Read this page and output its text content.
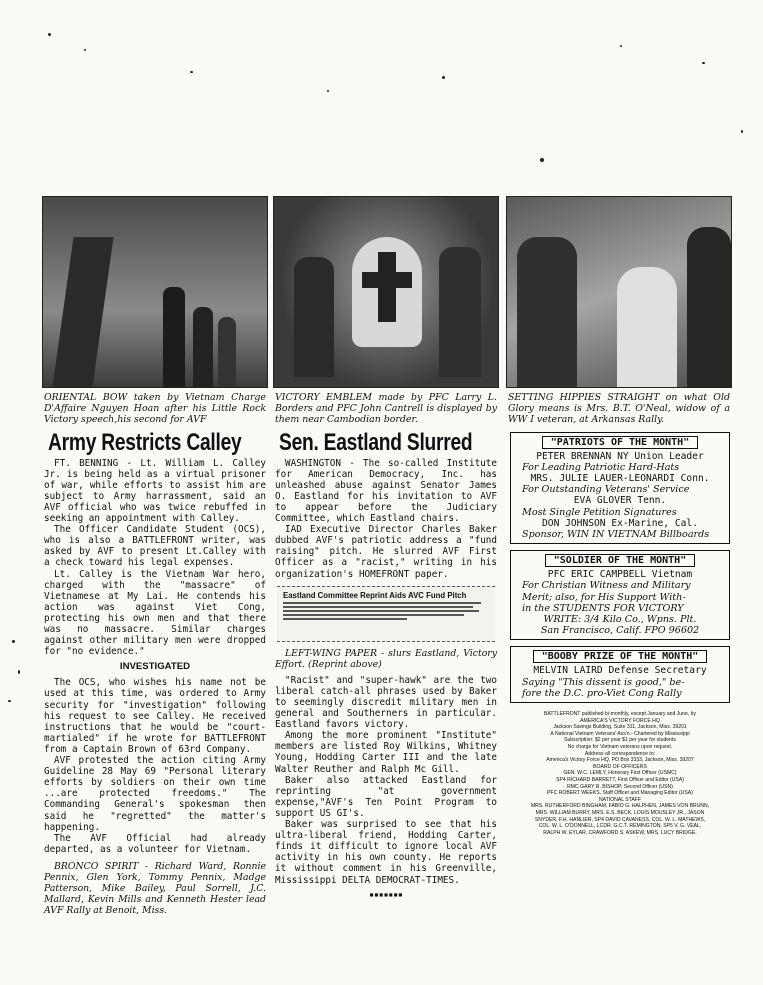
ORIENTAL BOW taken by Vietnam Charge D'Affaire Nguyen Hoan after his Little Rock Victory speech,his second for AVF
Army Restricts Calley

FT. BENNING - Lt. William L. Calley Jr. is being held as a virtual prisoner of war, while efforts to assist him are subject to Army harrassment, said an AVF official who was twice rebuffed in seeking an appointment with Calley.

The Officer Candidate Student (OCS), who is also a BATTLEFRONT writer, was asked by AVF to present Lt.Calley with a check toward his legal expenses.

Lt. Calley is the Vietnam War hero, charged with the "massacre" of Vietnamese at My Lai. He contends his action was against Viet Cong, protecting his own men and that there was no massacre. Similar charges against other military men were dropped for "no evidence."

INVESTIGATED

The OCS, who wishes his name not be used at this time, was ordered to Army security for "investigation" following his request to see Calley. He received instructions that he would be "court-martialed" if he wrote for BATTLEFRONT from a Captain Brown of 63rd Company.

AVF protested the action citing Army Guideline 28 May 69 "Personal literary efforts by soldiers on their own time ...are protected freedoms." The Commanding General's spokesman then said he "regretted" the matter's happening.

The AVF Official had already departed, as a volunteer for Vietnam.

BRONCO SPIRIT - Richard Ward, Ronnie Pennix, Glen York, Tommy Pennix, Madge Patterson, Mike Bailey, Paul Sorrell, J.C. Mallard, Kevin Mills and Kenneth Hester lead AVF Rally at Benoit, Miss.

VICTORY EMBLEM made by PFC Larry L. Borders and PFC John Cantrell is displayed by them near Cambodian border.
Sen. Eastland Slurred

WASHINGTON - The so-called Institute for American Democracy, Inc. has unleashed abuse against Senator James O. Eastland for his invitation to AVF to appear before the Judiciary Committee, which Eastland chairs.

IAD Executive Director Charles Baker dubbed AVF's patriotic address a "fund raising" pitch. He slurred AVF First Officer as a "racist," writing in his organization's HOMEFRONT paper.

Eastland Committee Reprint Aids AVC Fund Pitch

LEFT-WING PAPER - slurs Eastland, Victory Effort. (Reprint above)

"Racist" and "super-hawk" are the two liberal catch-all phrases used by Baker to seemingly discredit military men in general and Southerners in particular. Eastland favors victory.

Among the more prominent "Institute" members are listed Roy Wilkins, Whitney Young, Hodding Carter III and the late Walter Reuther and Ralph Mc Gill.

Baker also attacked Eastland for reprinting "at government expense,"AVF's Ten Point Program to support US GI's.

Baker was surprised to see that his ultra-liberal friend, Hodding Carter, finds it difficult to ignore local AVF activity in his own county. He reports it without comment in his Greenville, Mississippi DELTA DEMOCRAT-TIMES.

▪▪▪▪▪▪▪
SETTING HIPPIES STRAIGHT on what Old Glory means is Mrs. B.T. O'Neal, widow of a WW I veteran, at Arkansas Rally.
"PATRIOTS OF THE MONTH"
PETER BRENNAN NY Union Leader
For Leading Patriotic Hard-Hats
MRS. JULIE LAUER-LEONARDI Conn.
For Outstanding Veterans' Service
EVA GLOVER Tenn.
Most Single Petition Signatures
DON JOHNSON Ex-Marine, Cal.
Sponsor, WIN IN VIETNAM Billboards
"SOLDIER OF THE MONTH"
PFC ERIC CAMPBELL Vietnam
For Christian Witness and Military
Merit; also, for His Support With-
in the STUDENTS FOR VICTORY
WRITE: 3/4 Kilo Co., Wpns. Plt.
San Francisco, Calif. FPO 96602
"BOOBY PRIZE OF THE MONTH"
MELVIN LAIRD Defense Secretary
Saying "This dissent is good," be-
fore the D.C. pro-Viet Cong Rally
BATTLEFRONT published bi-monthly, except January and June, by
AMERICA'S VICTORY FORCE HQ
Jackson Savings Building, Suite 311, Jackson, Miss. 39201
A National Vietnam Veterans' Ass'n.- Chartered by Mississippi
Subscription: $2 per year $1 per year for students
No charge for Vietnam veterans upon request.
Address all correspondence to:
America's Victory Force HQ, PO Box 3333, Jackson, Miss. 39207
BOARD OF OFFICERS
GEN. W.C. LEMLY, Honorary First Officer (USMC)
SP4 RICHARD BARRETT, First Officer and Editor (USA)
RMC GARY R. BISHOP, Second Officer (USN)
PFC ROBERT WEEKS, Staff Officer and Managing Editor (USA)
NATIONAL STAFF
MRS. RUTHERFORD BINGHAM, FABIO G. HALPHEN, JAMES VON BRUNN,
MRS. WILLIAM BURRY, MRS. E.S. BECK, LOUIS MOUSLEY JR., JASON
SNYDER, F.H. HANLIER, SP4 DAVID CAVANESS, COL. W. L. MATHEWS,
COL. W. L. O'DONNELL, LCDR. G.C.T. REMINGTON, SP5 V. G. VEAL,
RALPH W. EYLAR, CRAWFORD S. ASKEW, MRS. LUCY BRIDGE.
